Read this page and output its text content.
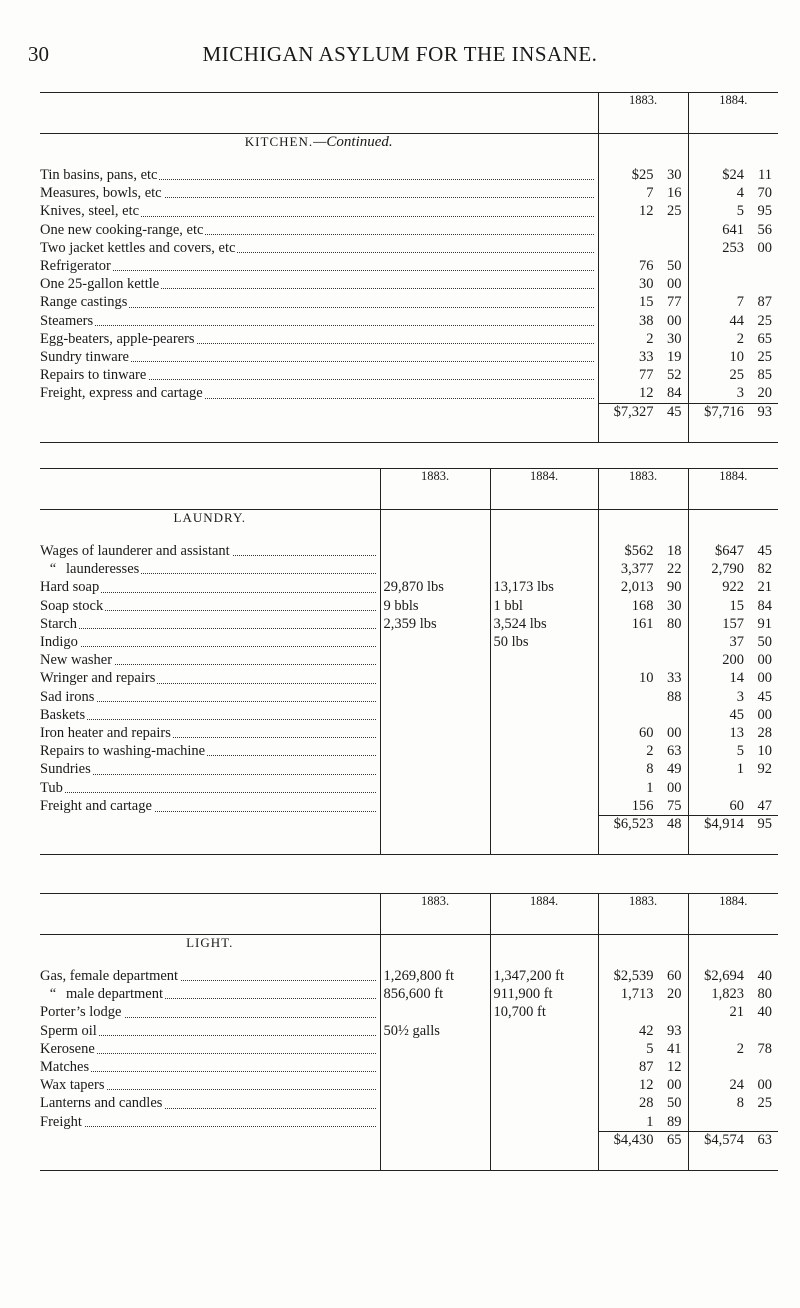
30	MICHIGAN ASYLUM FOR THE INSANE.
	1883.	1884.
KITCHEN.—Continued.		

Tin basins, pans, etc	$25 30	$24 11

Measures, bowls, etc	7 16	4 70

Knives, steel, etc	12 25	5 95

One new cooking-range, etc		641 56

Two jacket kettles and covers, etc		253 00

Refrigerator	76 50	

One 25-gallon kettle	30 00	

Range castings	15 77	7 87

Steamers	38 00	44 25

Egg-beaters, apple-pearers	2 30	2 65

Sundry tinware	33 19	10 25

Repairs to tinware	77 52	25 85

Freight, express and cartage	12 84	3 20
	$7,327 45	$7,716 93

	1883.	1884.	1883.	1884.
LAUNDRY.				

Wages of launderer and assistant			$562 18	$647 45

“ launderesses			3,377 22	2,790 82

Hard soap	29,870 lbs	13,173 lbs	2,013 90	922 21

Soap stock	9 bbls	1 bbl	168 30	15 84

Starch	2,359 lbs	3,524 lbs	161 80	157 91

Indigo		50 lbs		37 50

New washer				200 00

Wringer and repairs			10 33	14 00

Sad irons			88	3 45

Baskets				45 00

Iron heater and repairs			60 00	13 28

Repairs to washing-machine			2 63	5 10

Sundries			8 49	1 92

Tub			1 00	

Freight and cartage			156 75	60 47
			$6,523 48	$4,914 95

	1883.	1884.	1883.	1884.
LIGHT.				

Gas, female department	1,269,800 ft	1,347,200 ft	$2,539 60	$2,694 40

“ male department	856,600 ft	911,900 ft	1,713 20	1,823 80

Porter’s lodge		10,700 ft		21 40

Sperm oil	50½ galls		42 93	

Kerosene			5 41	2 78

Matches			87 12	

Wax tapers			12 00	24 00

Lanterns and candles			28 50	8 25

Freight			1 89	
			$4,430 65	$4,574 63
